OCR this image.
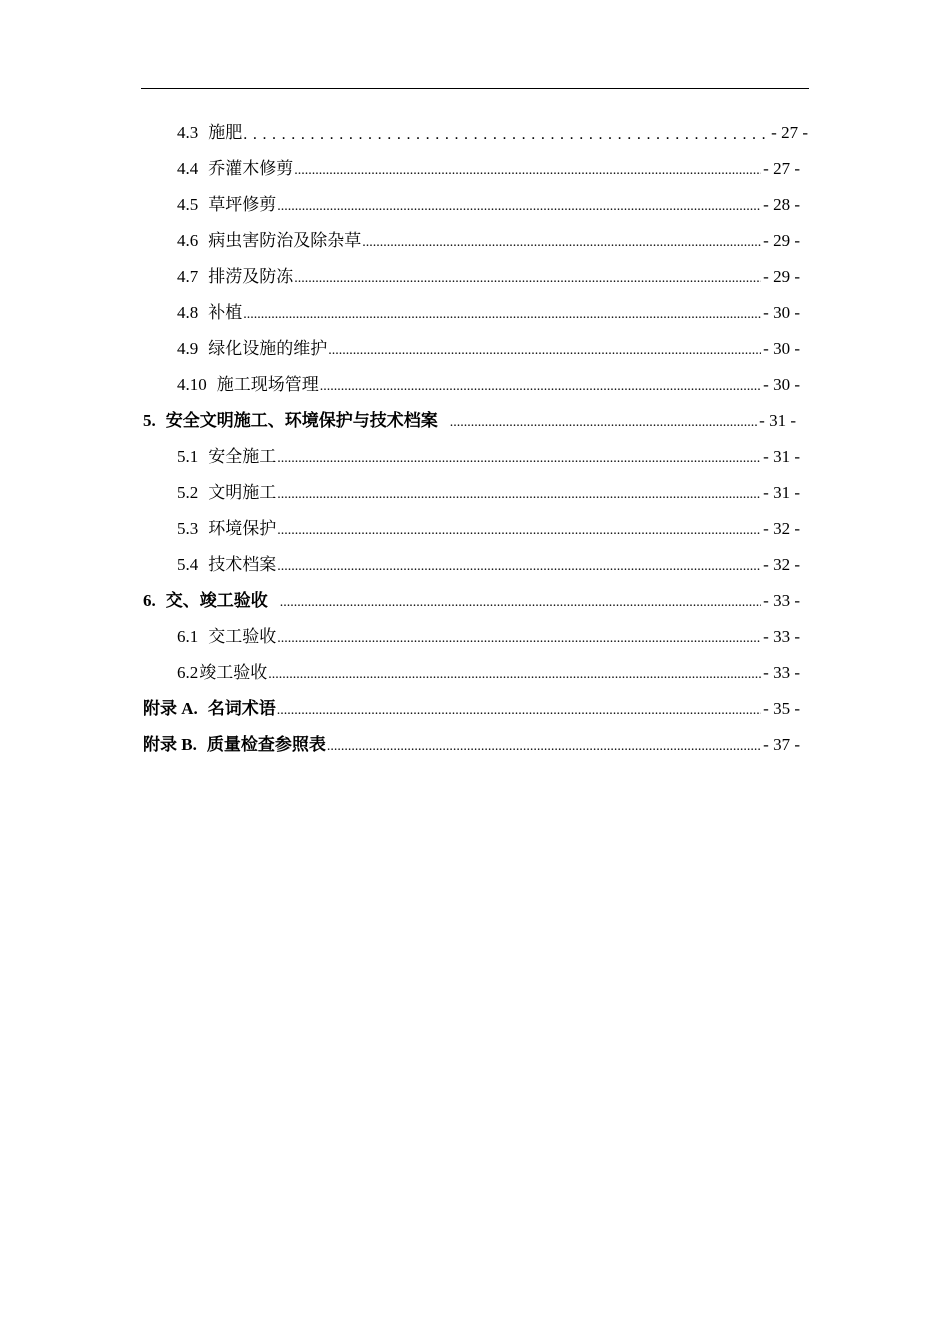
4.3 施肥 . . .	- 27 -
4.4 乔灌木修剪 .....	- 27 -
4.5 草坪修剪 .....	- 28 -
4.6 病虫害防治及除杂草 .....	- 29 -
4.7 排涝及防冻 .....	- 29 -
4.8 补植 .....	- 30 -
4.9 绿化设施的维护 .....	- 30 -
4.10 施工现场管理 .....	- 30 -
5. 安全文明施工、环境保护与技术档案 .....	- 31 -
5.1 安全施工 .....	- 31 -
5.2 文明施工 .....	- 31 -
5.3 环境保护 .....	- 32 -
5.4 技术档案 .....	- 32 -
6. 交、竣工验收 .....	- 33 -
6.1 交工验收 .....	- 33 -
6.2 竣工验收 .....	- 33 -
附录 A. 名词术语 .....	- 35 -
附录 B. 质量检查参照表 .....	- 37 -
